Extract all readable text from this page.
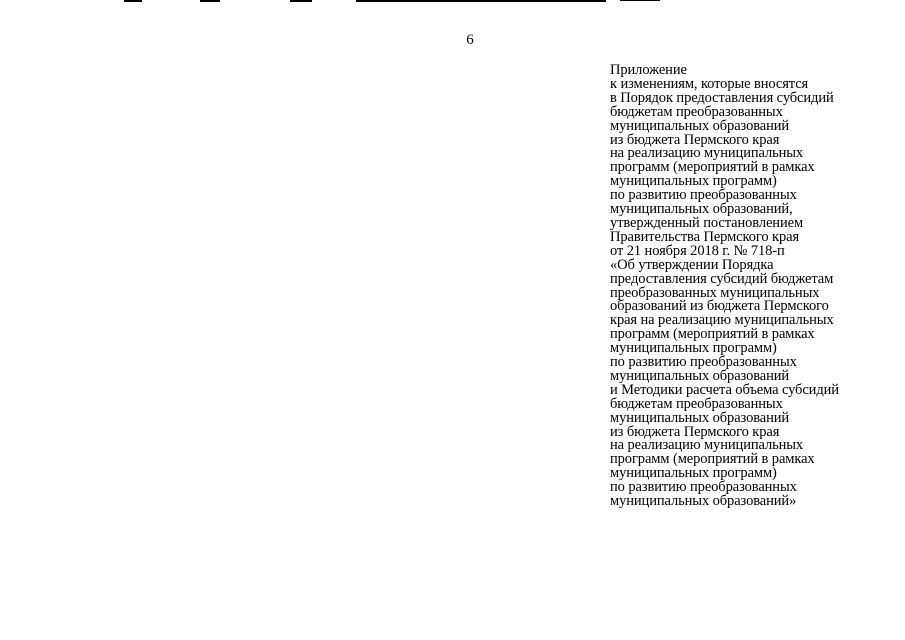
6
Приложение
к изменениям, которые вносятся
в Порядок предоставления субсидий
бюджетам преобразованных
муниципальных образований
из бюджета Пермского края
на реализацию муниципальных
программ (мероприятий в рамках
муниципальных программ)
по развитию преобразованных
муниципальных образований,
утвержденный постановлением
Правительства Пермского края
от 21 ноября 2018 г. № 718-п
«Об утверждении Порядка
предоставления субсидий бюджетам
преобразованных муниципальных
образований из бюджета Пермского
края на реализацию муниципальных
программ (мероприятий в рамках
муниципальных программ)
по развитию преобразованных
муниципальных образований
и Методики расчета объема субсидий
бюджетам преобразованных
муниципальных образований
из бюджета Пермского края
на реализацию муниципальных
программ (мероприятий в рамках
муниципальных программ)
по развитию преобразованных
муниципальных образований»
